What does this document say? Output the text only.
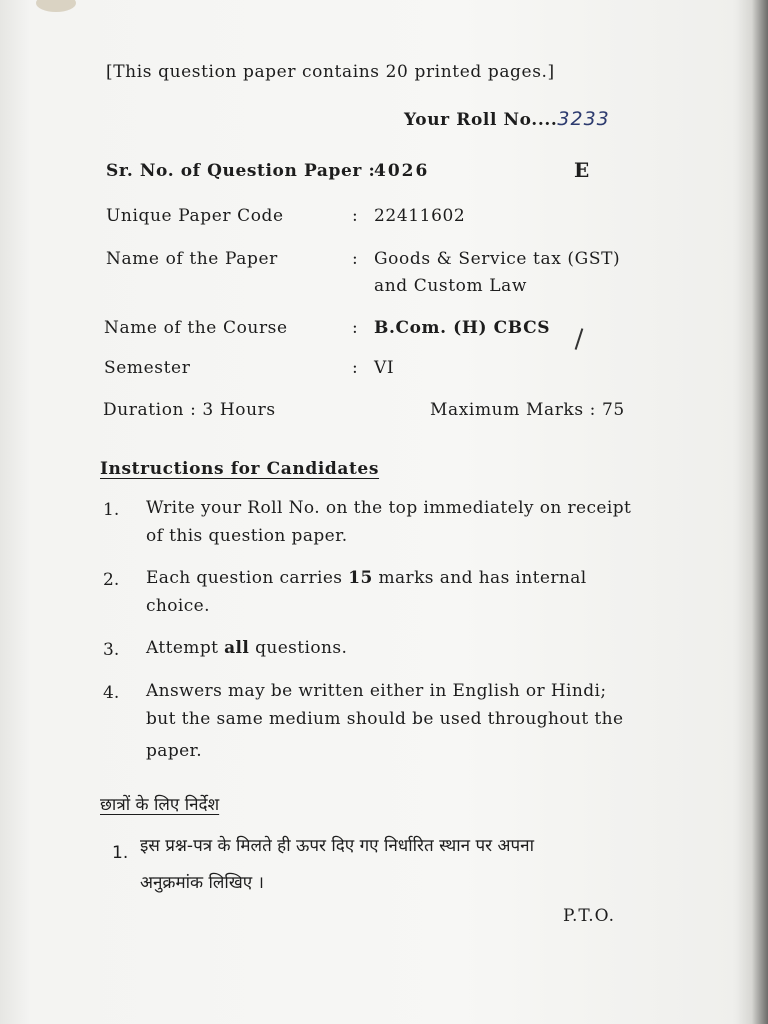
[This question paper contains 20 printed pages.]
Your Roll No....3233
Sr. No. of Question Paper :
4026	E
Unique Paper Code	: 22411602
Name of the Paper	: Goods & Service tax (GST)
and Custom Law
Name of the Course	: B.Com. (H) CBCS
Semester	: VI
Duration : 3 Hours	Maximum Marks : 75
Instructions for Candidates
1. Write your Roll No. on the top immediately on receipt
of this question paper.
2. Each question carries 15 marks and has internal
choice.
3. Attempt all questions.
4. Answers may be written either in English or Hindi;
but the same medium should be used throughout the
paper.
छात्रों के लिए निर्देश
1. इस प्रश्न-पत्र के मिलते ही ऊपर दिए गए निर्धारित स्थान पर अपना
अनुक्रमांक लिखिए ।
P.T.O.
